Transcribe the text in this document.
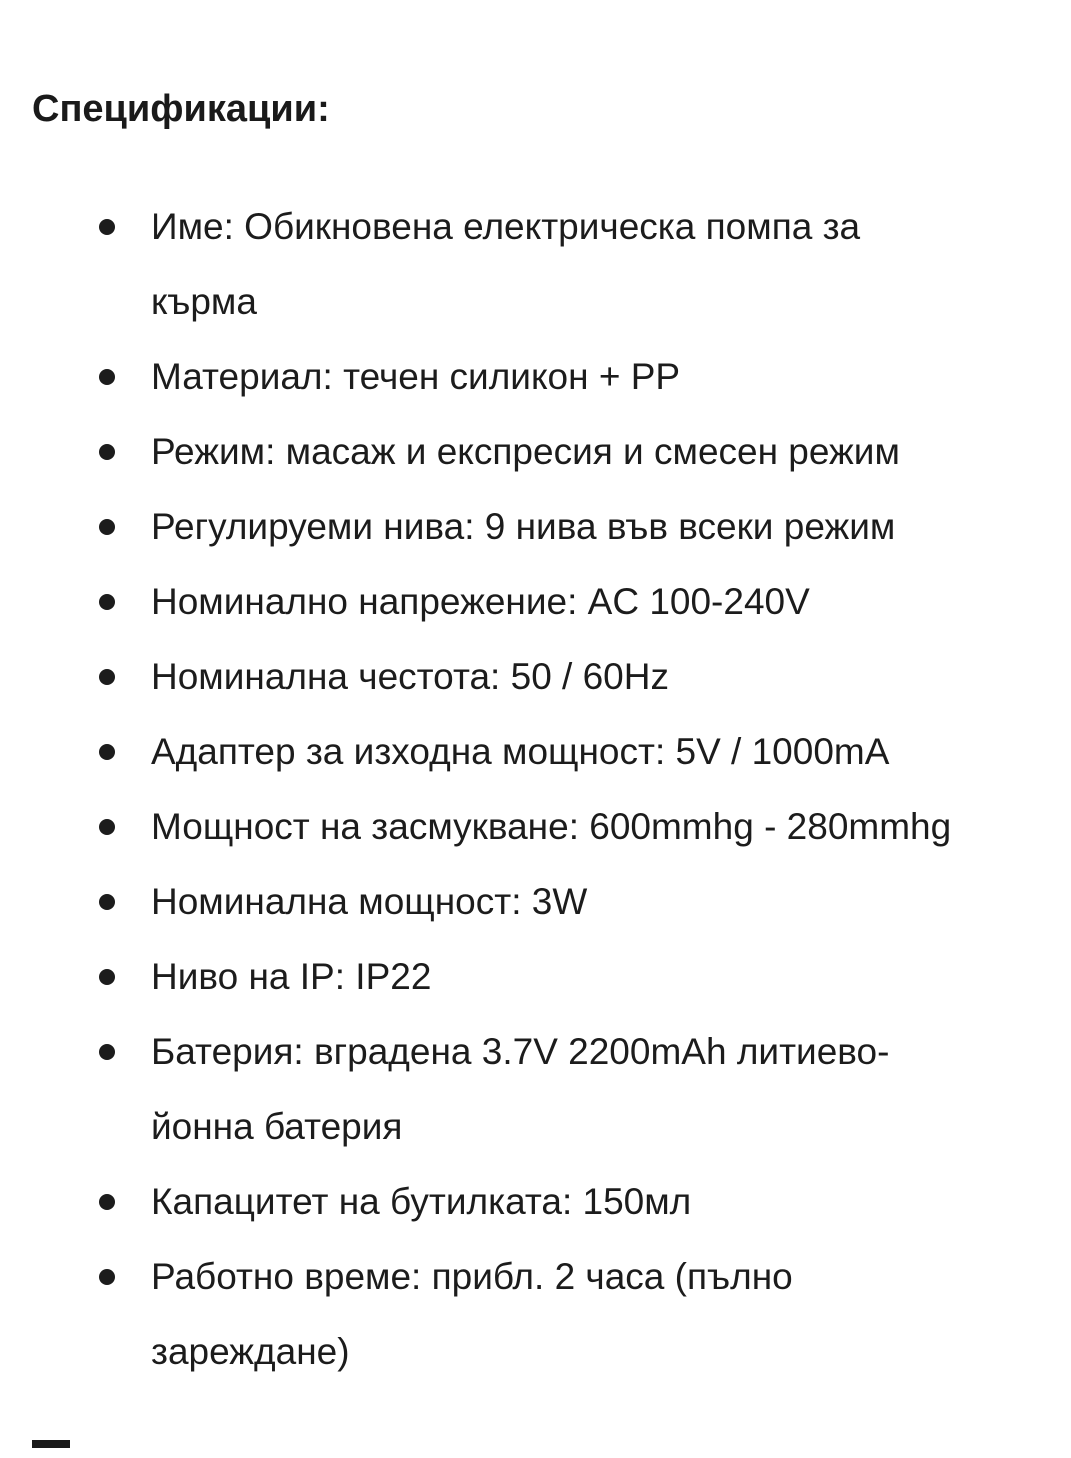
Спецификации:
Име: Обикновена електрическа помпа за
кърма
Материал: течен силикон + PP
Режим: масаж и експресия и смесен режим
Регулируеми нива: 9 нива във всеки режим
Номинално напрежение: AC 100-240V
Номинална честота: 50 / 60Hz
Адаптер за изходна мощност: 5V / 1000mA
Мощност на засмукване: 600mmhg - 280mmhg
Номинална мощност: 3W
Ниво на IP: IP22
Батерия: вградена 3.7V 2200mAh литиево-
йонна батерия
Капацитет на бутилката: 150мл
Работно време: прибл. 2 часа (пълно
зареждане)
